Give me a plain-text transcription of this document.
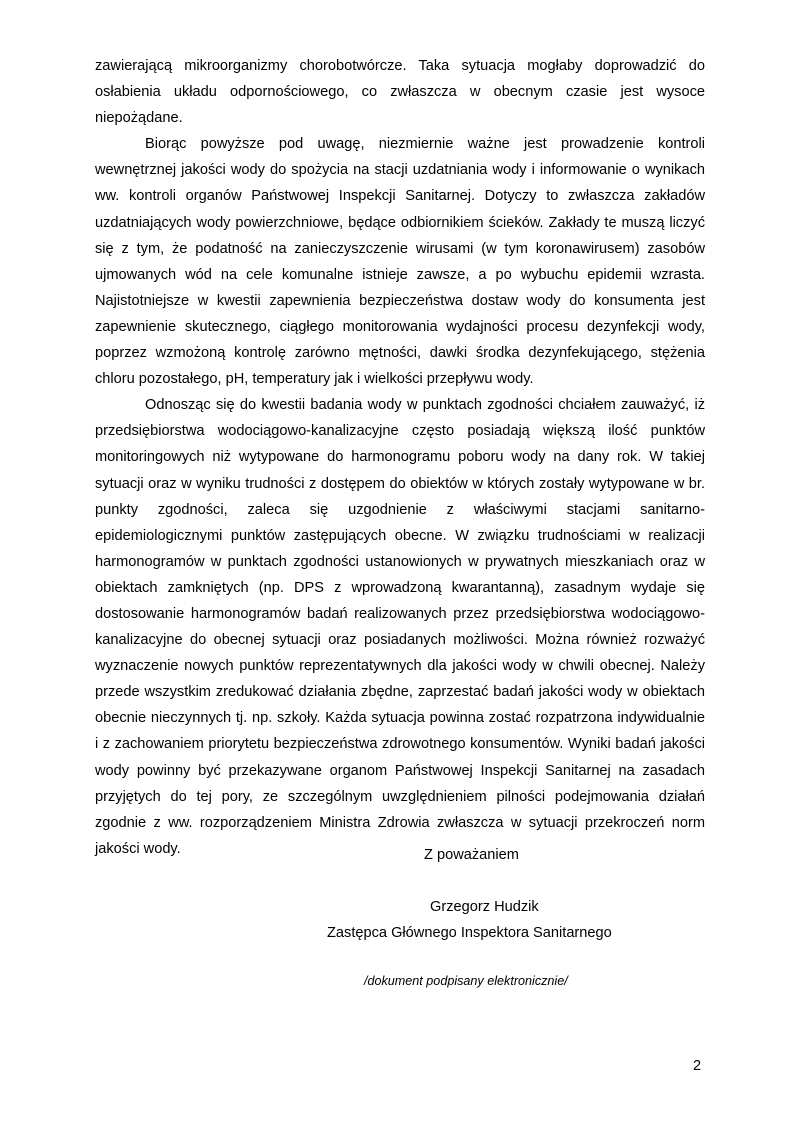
zawierającą mikroorganizmy chorobotwórcze. Taka sytuacja mogłaby doprowadzić do osłabienia układu odpornościowego, co zwłaszcza w obecnym czasie jest wysoce niepożądane.

Biorąc powyższe pod uwagę, niezmiernie ważne jest prowadzenie kontroli wewnętrznej jakości wody do spożycia na stacji uzdatniania wody i informowanie o wynikach ww. kontroli organów Państwowej Inspekcji Sanitarnej. Dotyczy to zwłaszcza zakładów uzdatniających wody powierzchniowe, będące odbiornikiem ścieków. Zakłady te muszą liczyć się z tym, że podatność na zanieczyszczenie wirusami (w tym koronawirusem) zasobów ujmowanych wód na cele komunalne istnieje zawsze, a po wybuchu epidemii wzrasta. Najistotniejsze w kwestii zapewnienia bezpieczeństwa dostaw wody do konsumenta jest zapewnienie skutecznego, ciągłego monitorowania wydajności procesu dezynfekcji wody, poprzez wzmożoną kontrolę zarówno mętności, dawki środka dezynfekującego, stężenia chloru pozostałego, pH, temperatury jak i wielkości przepływu wody.

Odnosząc się do kwestii badania wody w punktach zgodności chciałem zauważyć, iż przedsiębiorstwa wodociągowo-kanalizacyjne często posiadają większą ilość punktów monitoringowych niż wytypowane do harmonogramu poboru wody na dany rok. W takiej sytuacji oraz w wyniku trudności z dostępem do obiektów w których zostały wytypowane w br. punkty zgodności, zaleca się uzgodnienie z właściwymi stacjami sanitarno-epidemiologicznymi punktów zastępujących obecne. W związku trudnościami w realizacji harmonogramów w punktach zgodności ustanowionych w prywatnych mieszkaniach oraz w obiektach zamkniętych (np. DPS z wprowadzoną kwarantanną), zasadnym wydaje się dostosowanie harmonogramów badań realizowanych przez przedsiębiorstwa wodociągowo-kanalizacyjne do obecnej sytuacji oraz posiadanych możliwości. Można również rozważyć wyznaczenie nowych punktów reprezentatywnych dla jakości wody w chwili obecnej. Należy przede wszystkim zredukować działania zbędne, zaprzestać badań jakości wody w obiektach obecnie nieczynnych tj. np. szkoły. Każda sytuacja powinna zostać rozpatrzona indywidualnie i z zachowaniem priorytetu bezpieczeństwa zdrowotnego konsumentów. Wyniki badań jakości wody powinny być przekazywane organom Państwowej Inspekcji Sanitarnej na zasadach przyjętych do tej pory, ze szczególnym uwzględnieniem pilności podejmowania działań zgodnie z ww. rozporządzeniem Ministra Zdrowia zwłaszcza w sytuacji przekroczeń norm jakości wody.	Z poważaniem
Grzegorz Hudzik
Zastępca Głównego Inspektora Sanitarnego
/dokument podpisany elektronicznie/
2
